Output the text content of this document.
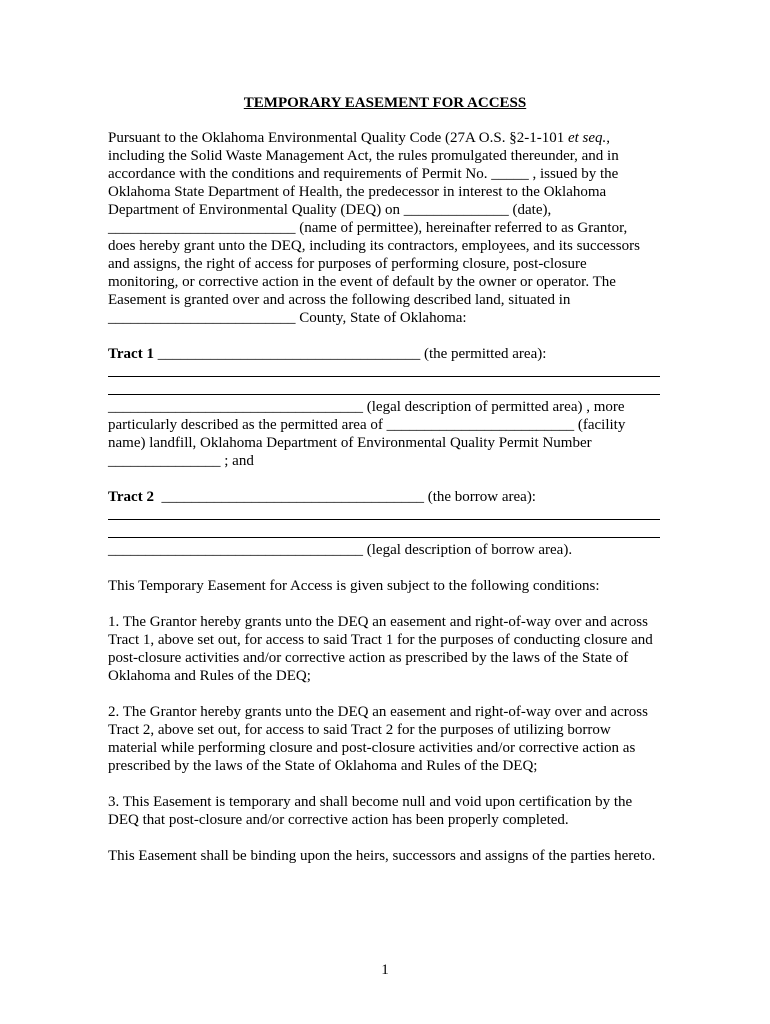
TEMPORARY EASEMENT FOR ACCESS
Pursuant to the Oklahoma Environmental Quality Code (27A O.S. §2-1-101 et seq.,
including the Solid Waste Management Act, the rules promulgated thereunder, and in
accordance with the conditions and requirements of Permit No. _____ , issued by the
Oklahoma State Department of Health, the predecessor in interest to the Oklahoma
Department of Environmental Quality (DEQ) on ______________ (date),
_________________________ (name of permittee), hereinafter referred to as Grantor,
does hereby grant unto the DEQ, including its contractors, employees, and its successors
and assigns, the right of access for purposes of performing closure, post-closure
monitoring, or corrective action in the event of default by the owner or operator. The
Easement is granted over and across the following described land, situated in
_________________________ County, State of Oklahoma:
Tract 1 ___________________________________ (the permitted area):
__________________________________ (legal description of permitted area) , more
particularly described as the permitted area of _________________________ (facility
name) landfill, Oklahoma Department of Environmental Quality Permit Number
_______________ ; and
Tract 2  ___________________________________ (the borrow area):
__________________________________ (legal description of borrow area).
This Temporary Easement for Access is given subject to the following conditions:
1. The Grantor hereby grants unto the DEQ an easement and right-of-way over and across
Tract 1, above set out, for access to said Tract 1 for the purposes of conducting closure and
post-closure activities and/or corrective action as prescribed by the laws of the State of
Oklahoma and Rules of the DEQ;
2. The Grantor hereby grants unto the DEQ an easement and right-of-way over and across
Tract 2, above set out, for access to said Tract 2 for the purposes of utilizing borrow
material while performing closure and post-closure activities and/or corrective action as
prescribed by the laws of the State of Oklahoma and Rules of the DEQ;
3. This Easement is temporary and shall become null and void upon certification by the
DEQ that post-closure and/or corrective action has been properly completed.
This Easement shall be binding upon the heirs, successors and assigns of the parties hereto.
1
